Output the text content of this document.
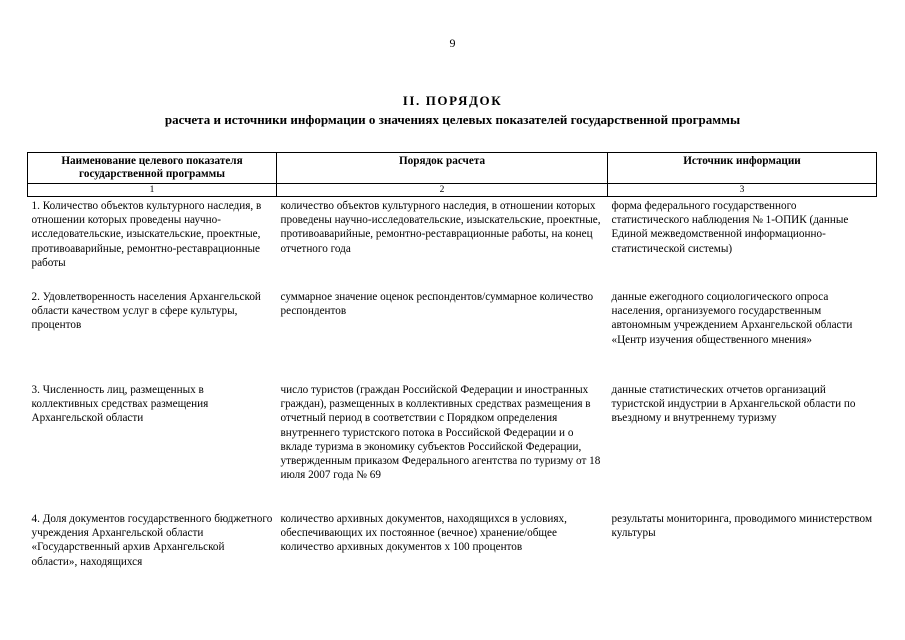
9
II. ПОРЯДОК
расчета и источники информации о значениях целевых показателей государственной программы
Наименование целевого показателя государственной программы	Порядок расчета	Источник информации
1	2	3
1. Количество объектов культурного наследия, в отношении которых проведены научно-исследовательские, изыскательские, проектные, противоаварийные, ремонтно-реставрационные работы	количество объектов культурного наследия, в отношении которых проведены научно-исследовательские, изыскательские, проектные, противоаварийные, ремонтно-реставрационные работы, на конец отчетного года	форма федерального государственного статистического наблюдения № 1-ОПИК (данные Единой межведомственной информационно-статистической системы)
2. Удовлетворенность населения Архангельской области качеством услуг в сфере культуры, процентов	суммарное значение оценок респондентов/суммарное количество респондентов	данные ежегодного социологического опроса населения, организуемого государственным автономным учреждением Архангельской области «Центр изучения общественного мнения»
3. Численность лиц, размещенных в коллективных средствах размещения Архангельской области	число туристов (граждан Российской Федерации и иностранных граждан), размещенных в коллективных средствах размещения в отчетный период в соответствии с Порядком определения внутреннего туристского потока в Российской Федерации и о вкладе туризма в экономику субъектов Российской Федерации, утвержденным приказом Федерального агентства по туризму от 18 июля 2007 года № 69	данные статистических отчетов организаций туристской индустрии в Архангельской области по въездному и внутреннему туризму
4. Доля документов государственного бюджетного учреждения Архангельской области «Государственный архив Архангельской области», находящихся	количество архивных документов, находящихся в условиях, обеспечивающих их постоянное (вечное) хранение/общее количество архивных документов х 100 процентов	результаты мониторинга, проводимого министерством культуры
